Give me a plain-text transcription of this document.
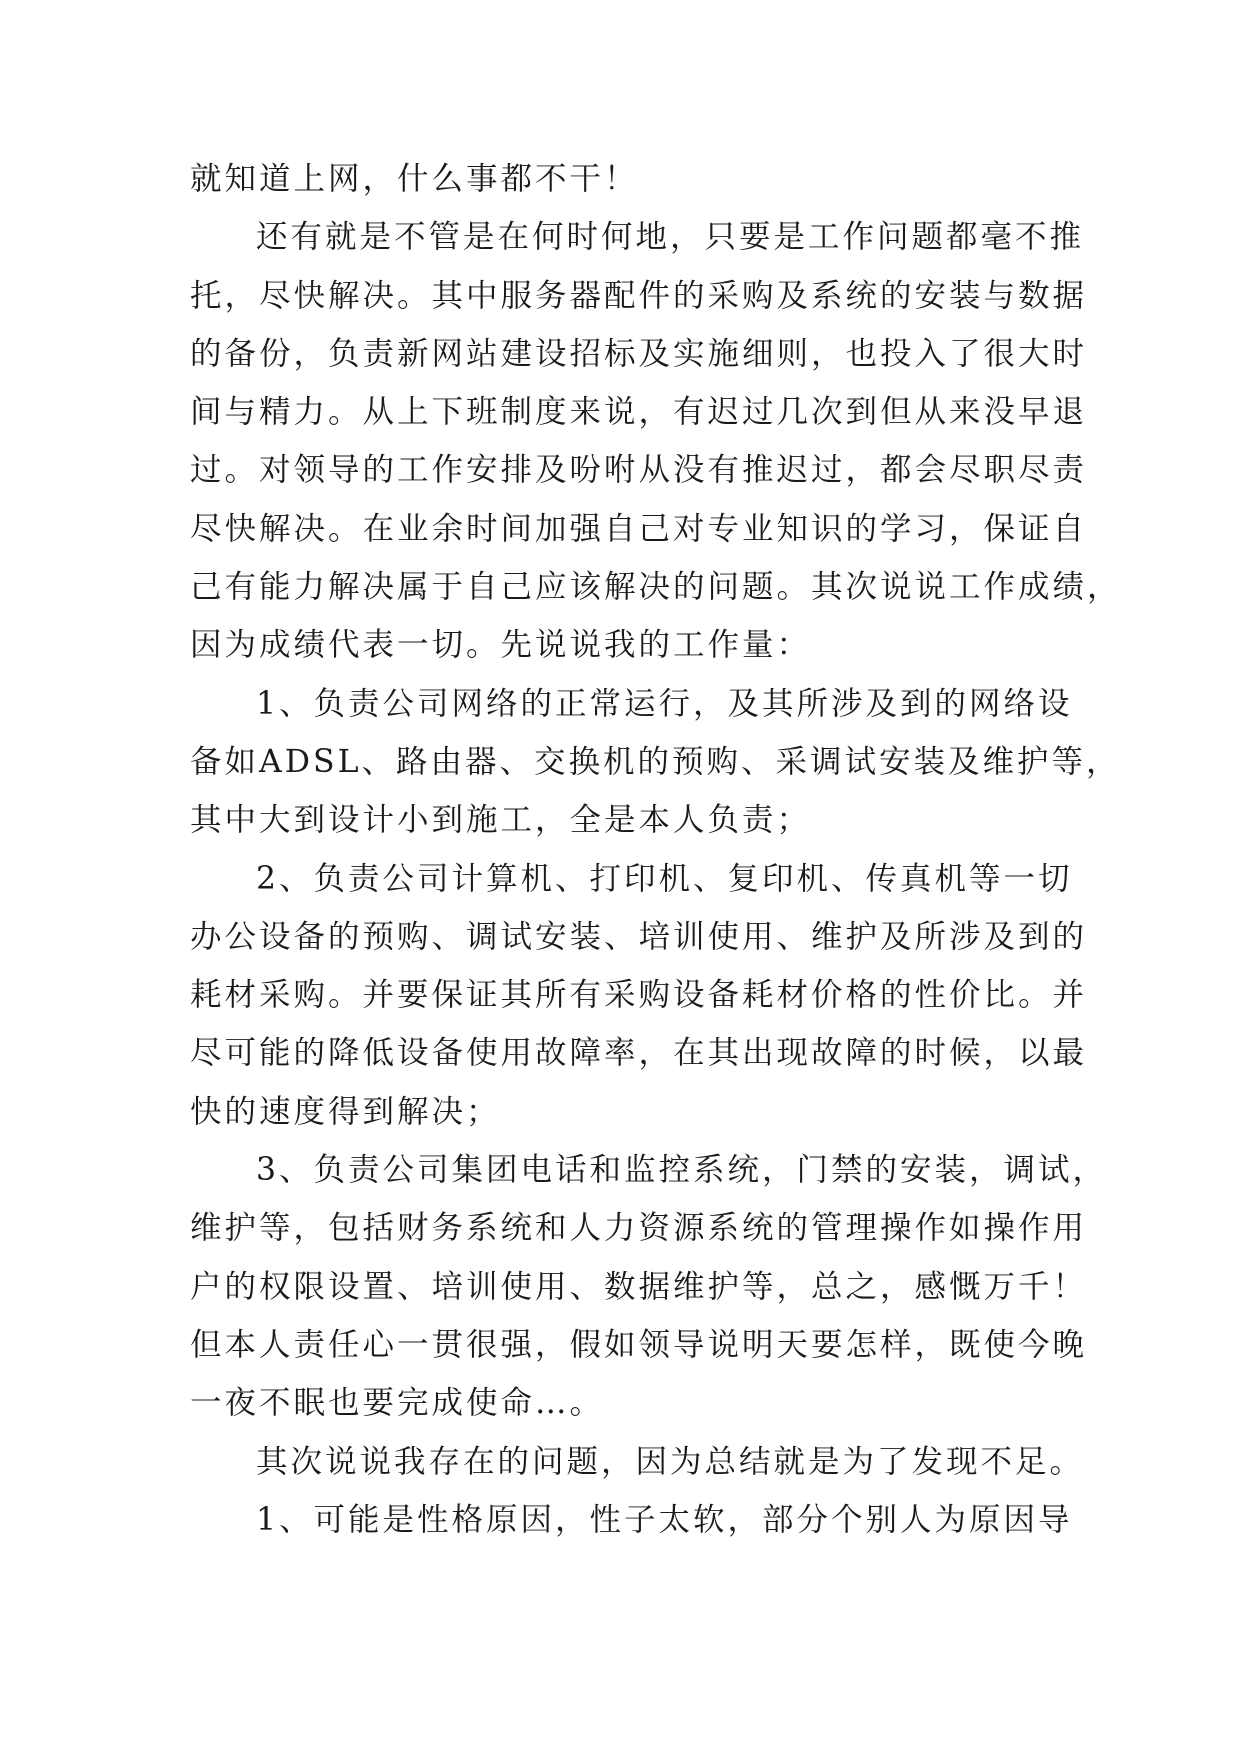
就知道上网，什么事都不干！
还有就是不管是在何时何地，只要是工作问题都毫不推
托，尽快解决。其中服务器配件的采购及系统的安装与数据
的备份，负责新网站建设招标及实施细则，也投入了很大时
间与精力。从上下班制度来说，有迟过几次到但从来没早退
过。对领导的工作安排及吩咐从没有推迟过，都会尽职尽责
尽快解决。在业余时间加强自己对专业知识的学习，保证自
己有能力解决属于自己应该解决的问题。其次说说工作成绩，
因为成绩代表一切。先说说我的工作量：
1、负责公司网络的正常运行，及其所涉及到的网络设
备如ADSL、路由器、交换机的预购、采调试安装及维护等，
其中大到设计小到施工，全是本人负责；
2、负责公司计算机、打印机、复印机、传真机等一切
办公设备的预购、调试安装、培训使用、维护及所涉及到的
耗材采购。并要保证其所有采购设备耗材价格的性价比。并
尽可能的降低设备使用故障率，在其出现故障的时候，以最
快的速度得到解决；
3、负责公司集团电话和监控系统，门禁的安装，调试，
维护等，包括财务系统和人力资源系统的管理操作如操作用
户的权限设置、培训使用、数据维护等，总之，感慨万千！
但本人责任心一贯很强，假如领导说明天要怎样，既使今晚
一夜不眠也要完成使命…。
其次说说我存在的问题，因为总结就是为了发现不足。
1、可能是性格原因，性子太软，部分个别人为原因导
